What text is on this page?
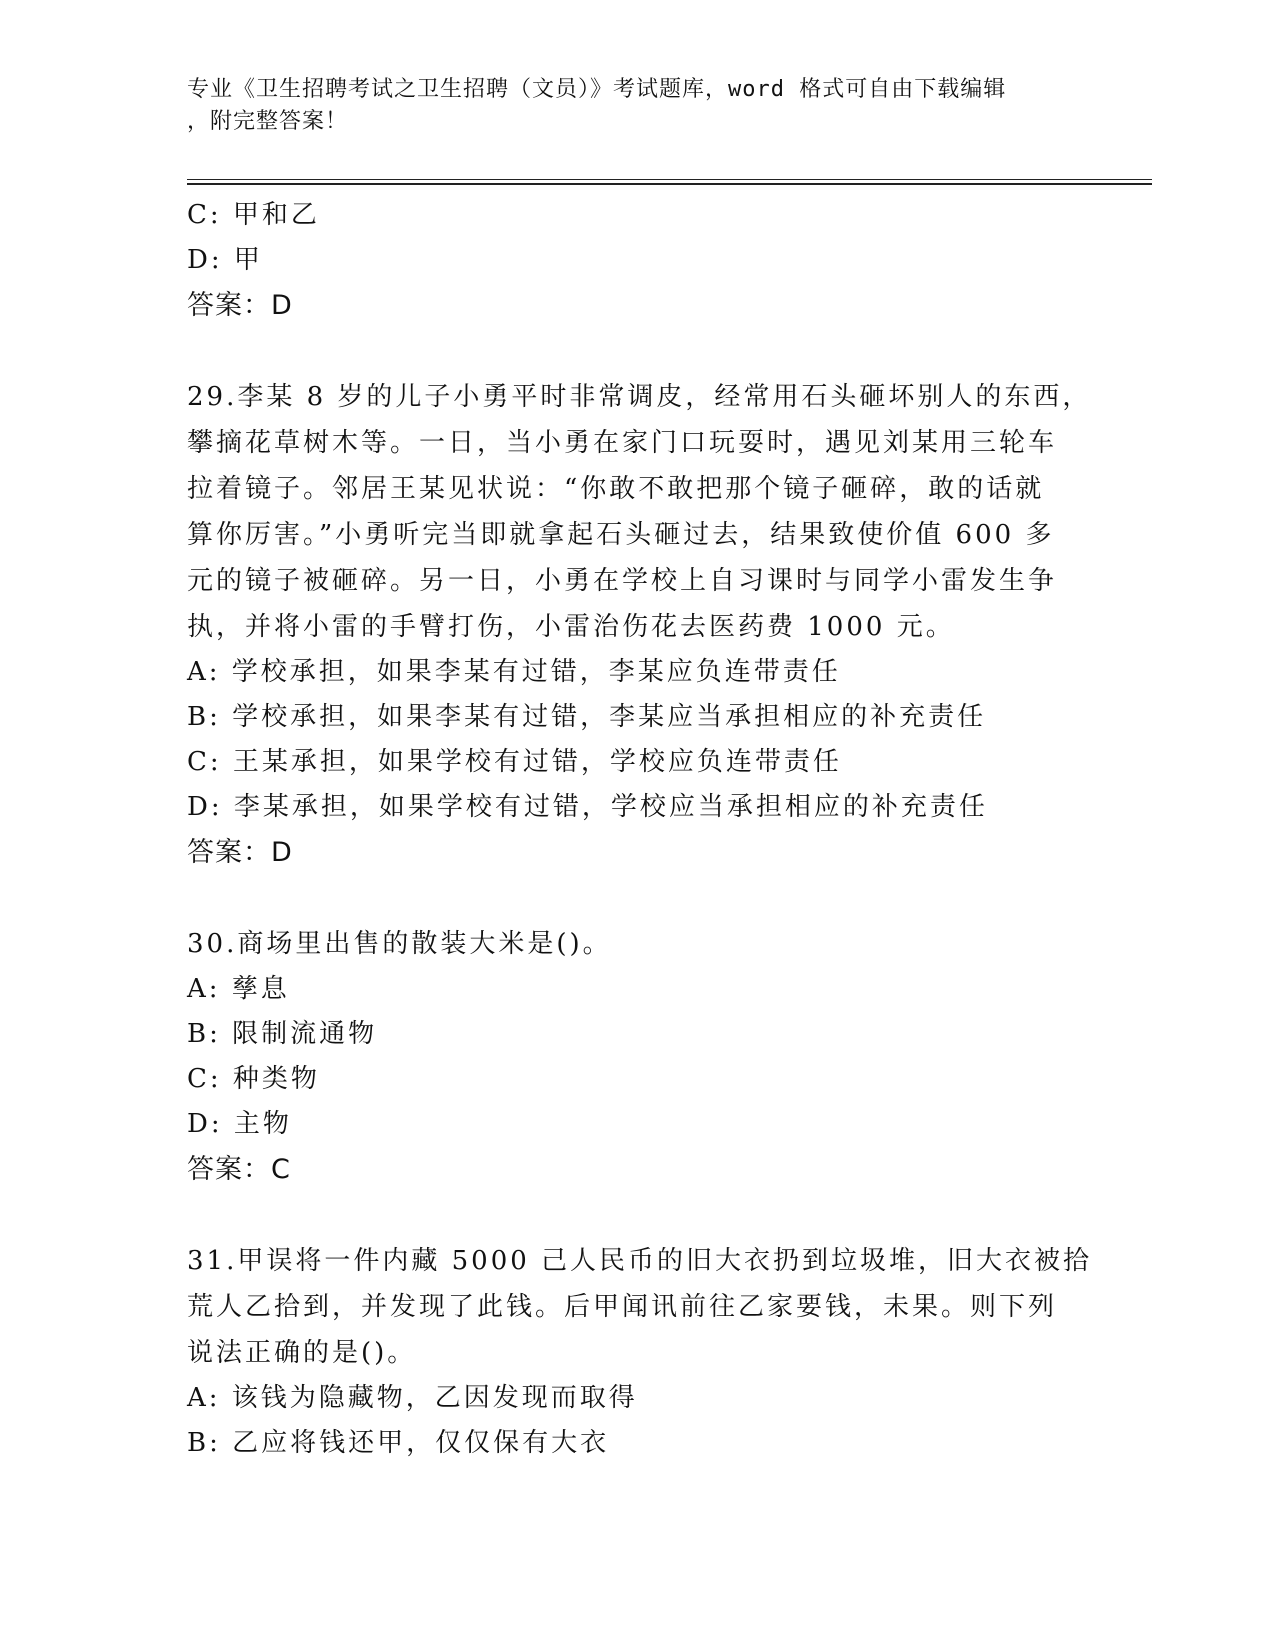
专业《卫生招聘考试之卫生招聘（文员）》考试题库，word 格式可自由下载编辑
，附完整答案！
C: 甲和乙
D: 甲
答案：D
29.李某 8 岁的儿子小勇平时非常调皮，经常用石头砸坏别人的东西，
攀摘花草树木等。一日，当小勇在家门口玩耍时，遇见刘某用三轮车
拉着镜子。邻居王某见状说：“你敢不敢把那个镜子砸碎，敢的话就
算你厉害。”小勇听完当即就拿起石头砸过去，结果致使价值 600 多
元的镜子被砸碎。另一日，小勇在学校上自习课时与同学小雷发生争
执，并将小雷的手臂打伤，小雷治伤花去医药费 1000 元。
A: 学校承担，如果李某有过错，李某应负连带责任
B: 学校承担，如果李某有过错，李某应当承担相应的补充责任
C: 王某承担，如果学校有过错，学校应负连带责任
D: 李某承担，如果学校有过错，学校应当承担相应的补充责任
答案：D
30.商场里出售的散装大米是()。
A: 孳息
B: 限制流通物
C: 种类物
D: 主物
答案：C
31.甲误将一件内藏 5000 己人民币的旧大衣扔到垃圾堆，旧大衣被拾
荒人乙拾到，并发现了此钱。后甲闻讯前往乙家要钱，未果。则下列
说法正确的是()。
A: 该钱为隐藏物，乙因发现而取得
B: 乙应将钱还甲，仅仅保有大衣
